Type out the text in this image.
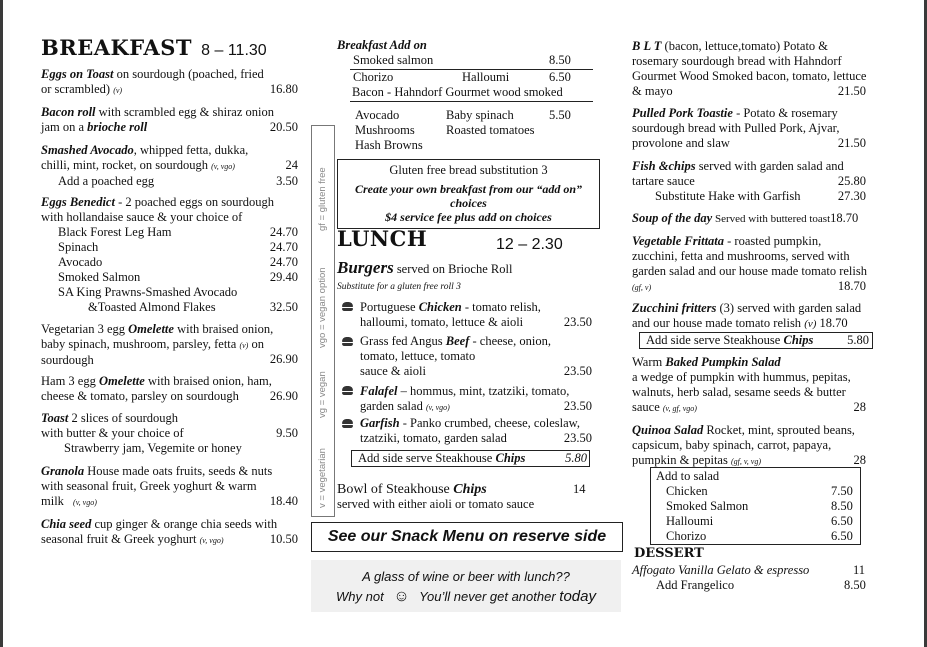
BREAKFAST 8 – 11.30
Eggs on Toast on sourdough (poached, fried
or scrambled) (v)	16.80
Bacon roll with scrambled egg & shiraz onion
jam on a brioche roll	20.50
Smashed Avocado, whipped fetta, dukka,
chilli, mint, rocket, on sourdough (v, vgo)	24
Add a poached egg	3.50
Eggs Benedict - 2 poached eggs on sourdough
with hollandaise sauce & your choice of
Black Forest Leg Ham	24.70
Spinach	24.70
Avocado	24.70
Smoked Salmon	29.40
SA King Prawns-Smashed Avocado
&Toasted Almond Flakes	32.50
Vegetarian 3 egg Omelette with braised onion,
baby spinach, mushroom, parsley, fetta (v) on
sourdough	26.90
Ham 3 egg Omelette with braised onion, ham,
cheese & tomato, parsley on sourdough	26.90
Toast 2 slices of sourdough
with butter & your choice of	9.50
Strawberry jam, Vegemite or honey
Granola House made oats fruits, seeds & nuts
with seasonal fruit, Greek yoghurt & warm
milk (v, vgo)	18.40
Chia seed cup ginger & orange chia seeds with
seasonal fruit & Greek yoghurt (v, vgo)	10.50
v = vegetarian
vg = vegan
vgo = vegan option
gf = gluten free
Breakfast Add on
Smoked salmon	8.50
Chorizo	Halloumi	6.50
Bacon - Hahndorf Gourmet wood smoked
Avocado	Baby spinach	5.50
Mushrooms	Roasted tomatoes
Hash Browns
Gluten free bread substitution 3
Create your own breakfast from our “add on”
choices
$4 service fee plus add on choices
LUNCH	12 – 2.30
Burgers served on Brioche Roll
Substitute for a gluten free roll 3
Portuguese Chicken - tomato relish,
halloumi, tomato, lettuce & aioli	23.50
Grass fed Angus Beef - cheese, onion,
tomato, lettuce, tomato
sauce & aioli	23.50
Falafel – hommus, mint, tzatziki, tomato,
garden salad (v, vgo)	23.50
Garfish - Panko crumbed, cheese, coleslaw,
tzatziki, tomato, garden salad	23.50
Add side serve Steakhouse Chips	5.80
Bowl of Steakhouse Chips	14
served with either aioli or tomato sauce
See our Snack Menu on reserve side
A glass of wine or beer with lunch??
Why not ☺ You’ll never get another today
B L T (bacon, lettuce,tomato) Potato &
rosemary sourdough bread with Hahndorf
Gourmet Wood Smoked bacon, tomato, lettuce
& mayo	21.50
Pulled Pork Toastie - Potato & rosemary
sourdough bread with Pulled Pork, Ajvar,
provolone and slaw	21.50
Fish &chips served with garden salad and
tartare sauce	25.80
Substitute Hake with Garfish	27.30
Soup of the day Served with buttered toast18.70
Vegetable Frittata - roasted pumpkin,
zucchini, fetta and mushrooms, served with
garden salad and our house made tomato relish
(gf, v)	18.70
Zucchini fritters (3) served with garden salad
and our house made tomato relish (v) 18.70
Add side serve Steakhouse Chips	5.80
Warm Baked Pumpkin Salad
a wedge of pumpkin with hummus, pepitas,
walnuts, herb salad, sesame seeds & butter
sauce (v, gf, vgo)	28
Quinoa Salad Rocket, mint, sprouted beans,
capsicum, baby spinach, carrot, papaya,
pumpkin & pepitas (gf, v, vg)	28
Add to salad
Chicken	7.50
Smoked Salmon	8.50
Halloumi	6.50
Chorizo	6.50
DESSERT
Affogato Vanilla Gelato & espresso	11
Add Frangelico	8.50
